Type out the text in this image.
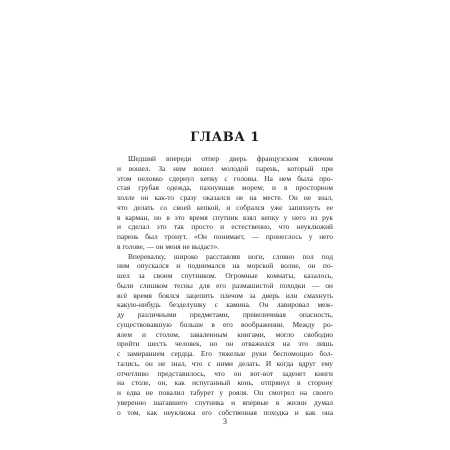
ГЛАВА 1
Шедший впереди отпер дверь французским ключом
и вошел. За ним вошел молодой парень, который при
этом неловко сдернул кепку с головы. На нем была про-
стая грубая одежда, пахнувшая морем; и в просторном
холле он как-то сразу оказался не на месте. Он не знал,
что делать со своей кепкой, и собрался уже запихнуть ее
в карман, но в это время спутник взял кепку у него из рук
и сделал это так просто и естественно, что неуклюжий
парень был тронут. «Он понимает, — пронеслось у него
в голове, — он меня не выдаст».
Вперевалку, широко расставляя ноги, словно пол под
ним опускался и поднимался на морской волне, он по-
шел за своим спутником. Огромные комнаты, казалось,
были слишком тесны для его размашистой походки — он
всё время боялся зацепить плечом за дверь или смахнуть
какую-нибудь безделушку с камина. Он лавировал меж-
ду различными предметами, превеличивая опасность,
существовавшую больше в его воображении. Между ро-
ялем и столом, заваленным книгами, могло свободно
пройти шесть человек, но он отважился на это лишь
с замиранием сердца. Его тяжелые руки беспомощно бол-
тались, он не знал, что с ними делать. И когда вдруг ему
отчетливо представилось, что он вот-вот заденет книги
на столе, он, как испуганный конь, отпрянул в сторону
и едва не повалил табурет у рояля. Он смотрел на своего
уверенно шагавшего спутника и впервые в жизни думал
о том, как неуклюжа его собственная походка и как она
3
